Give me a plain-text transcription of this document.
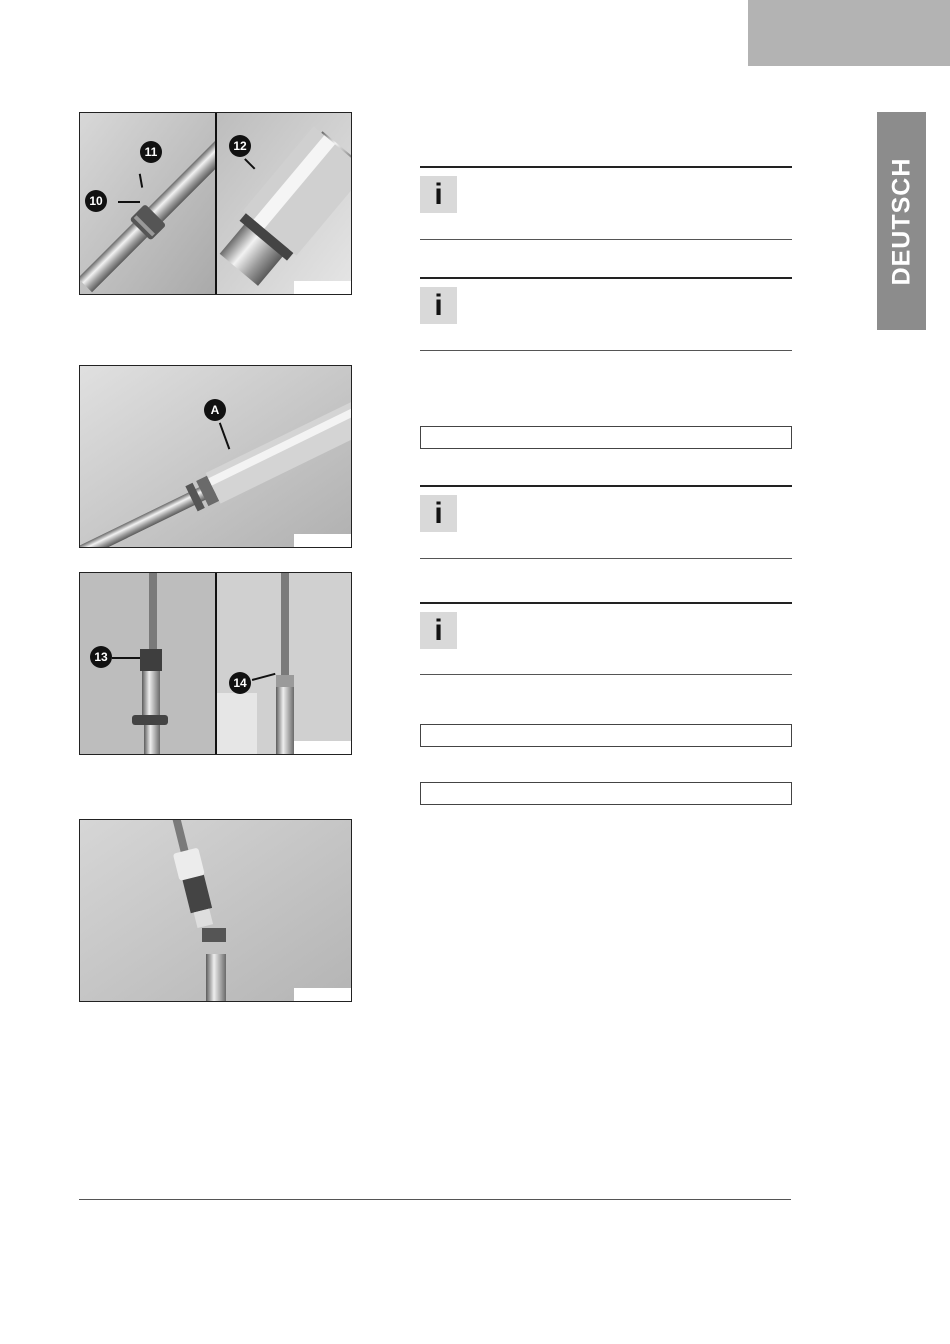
DEUTSCH
11
10
12
A
13
14
i
i
i
i
